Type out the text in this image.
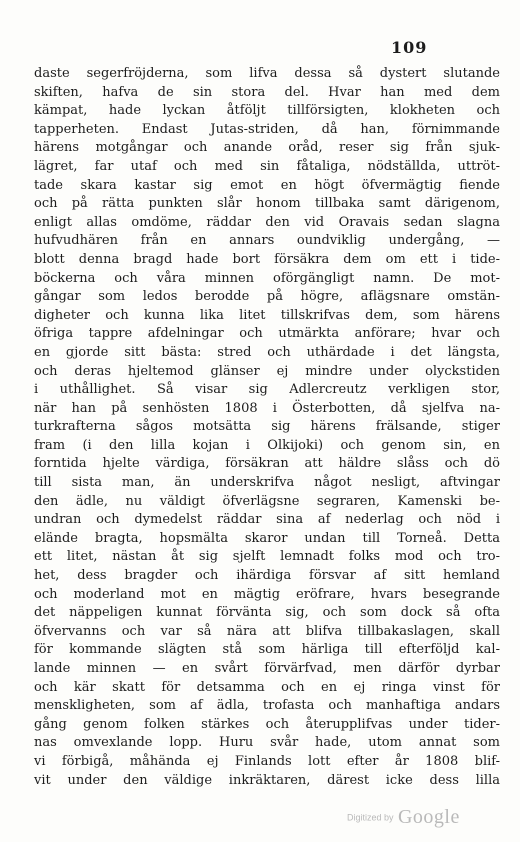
109
daste segerfröjderna, som lifva dessa så dystert slutande
skiften, hafva de sin stora del. Hvar han med dem
kämpat, hade lyckan åtföljt tillförsigten, klokheten och
tapperheten. Endast Jutas-striden, då han, förnimmande
härens motgångar och anande oråd, reser sig från sjuk-
lägret, far utaf och med sin fåtaliga, nödställda, uttröt-
tade skara kastar sig emot en högt öfvermägtig fiende
och på rätta punkten slår honom tillbaka samt därigenom,
enligt allas omdöme, räddar den vid Oravais sedan slagna
hufvudhären från en annars oundviklig undergång, —
blott denna bragd hade bort försäkra dem om ett i tide-
böckerna och våra minnen oförgängligt namn. De mot-
gångar som ledos berodde på högre, aflägsnare omstän-
digheter och kunna lika litet tillskrifvas dem, som härens
öfriga tappre afdelningar och utmärkta anförare; hvar och
en gjorde sitt bästa: stred och uthärdade i det längsta,
och deras hjeltemod glänser ej mindre under olyckstiden
i uthållighet. Så visar sig Adlercreutz verkligen stor,
när han på senhösten 1808 i Österbotten, då sjelfva na-
turkrafterna sågos motsätta sig härens frälsande, stiger
fram (i den lilla kojan i Olkijoki) och genom sin, en
forntida hjelte värdiga, försäkran att häldre slåss och dö
till sista man, än underskrifva något nesligt, aftvingar
den ädle, nu väldigt öfverlägsne segraren, Kamenski be-
undran och dymedelst räddar sina af nederlag och nöd i
elände bragta, hopsmälta skaror undan till Torneå. Detta
ett litet, nästan åt sig sjelft lemnadt folks mod och tro-
het, dess bragder och ihärdiga försvar af sitt hemland
och moderland mot en mägtig eröfrare, hvars besegrande
det näppeligen kunnat förvänta sig, och som dock så ofta
öfvervanns och var så nära att blifva tillbakaslagen, skall
för kommande slägten stå som härliga till efterföljd kal-
lande minnen — en svårt förvärfvad, men därför dyrbar
och kär skatt för detsamma och en ej ringa vinst för
menskligheten, som af ädla, trofasta och manhaftiga andars
gång genom folken stärkes och återupplifvas under tider-
nas omvexlande lopp. Huru svår hade, utom annat som
vi förbigå, måhända ej Finlands lott efter år 1808 blif-
vit under den väldige inkräktaren, därest icke dess lilla
Digitized by Google
